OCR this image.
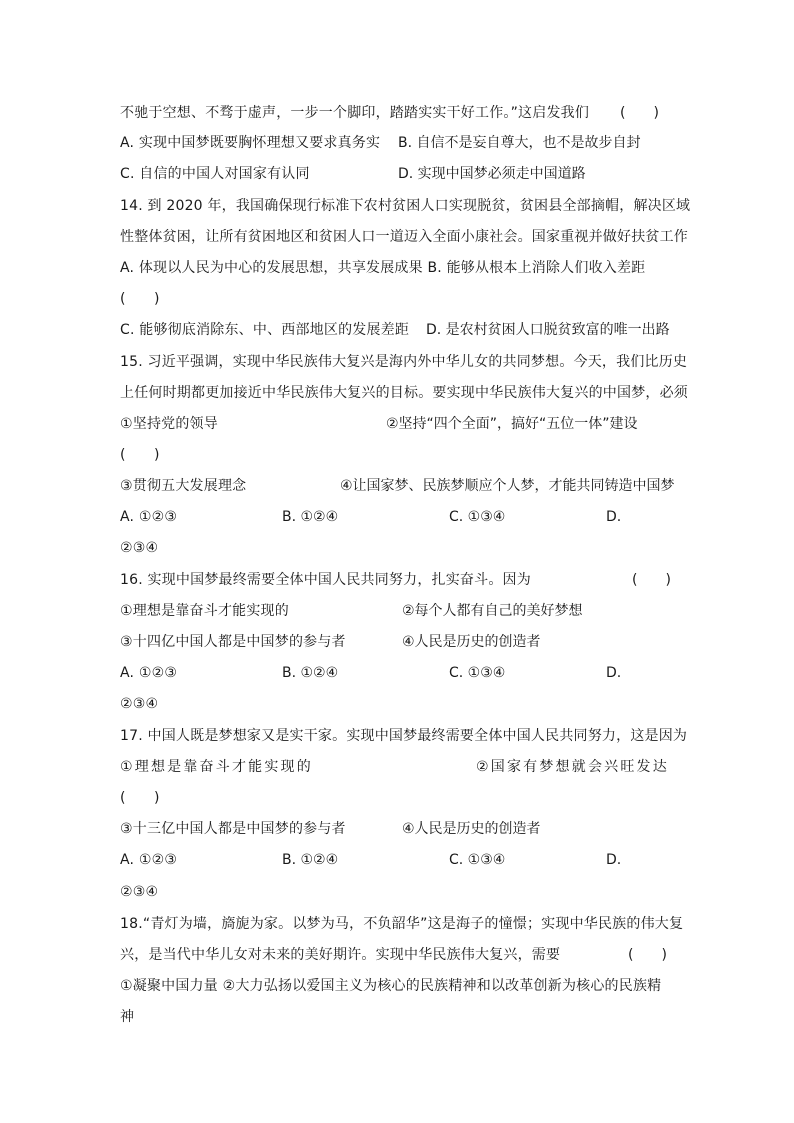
不驰于空想、不骛于虚声，一步一个脚印，踏踏实实干好工作。”这启发我们 (　　)
A. 实现中国梦既要胸怀理想又要求真务实 B. 自信不是妄自尊大，也不是故步自封
C. 自信的中国人对国家有认同	D. 实现中国梦必须走中国道路
14. 到 2020 年，我国确保现行标准下农村贫困人口实现脱贫，贫困县全部摘帽，解决区域
性整体贫困，让所有贫困地区和贫困人口一道迈入全面小康社会。国家重视并做好扶贫工作
A. 体现以人民为中心的发展思想，共享发展成果 B. 能够从根本上消除人们收入差距
(　　)
C. 能够彻底消除东、中、西部地区的发展差距 D. 是农村贫困人口脱贫致富的唯一出路
15. 习近平强调，实现中华民族伟大复兴是海内外中华儿女的共同梦想。今天，我们比历史
上任何时期都更加接近中华民族伟大复兴的目标。要实现中华民族伟大复兴的中国梦，必须
①坚持党的领导	②坚持“四个全面”，搞好“五位一体”建设
(　　)
③贯彻五大发展理念	④让国家梦、民族梦顺应个人梦，才能共同铸造中国梦
A. ①②③	B. ①②④	C. ①③④	D.
②③④
16. 实现中国梦最终需要全体中国人民共同努力，扎实奋斗。因为	(　　)
①理想是靠奋斗才能实现的	②每个人都有自己的美好梦想
③十四亿中国人都是中国梦的参与者	④人民是历史的创造者
A. ①②③	B. ①②④	C. ①③④	D.
②③④
17. 中国人既是梦想家又是实干家。实现中国梦最终需要全体中国人民共同努力，这是因为
①理想是靠奋斗才能实现的	②国家有梦想就会兴旺发达
(　　)
③十三亿中国人都是中国梦的参与者	④人民是历史的创造者
A. ①②③	B. ①②④	C. ①③④	D.
②③④
18.“青灯为墙，旖旎为家。以梦为马，不负韶华”这是海子的憧憬；实现中华民族的伟大复
兴，是当代中华儿女对未来的美好期许。实现中华民族伟大复兴，需要	(　　)
①凝聚中国力量 ②大力弘扬以爱国主义为核心的民族精神和以改革创新为核心的民族精
神
